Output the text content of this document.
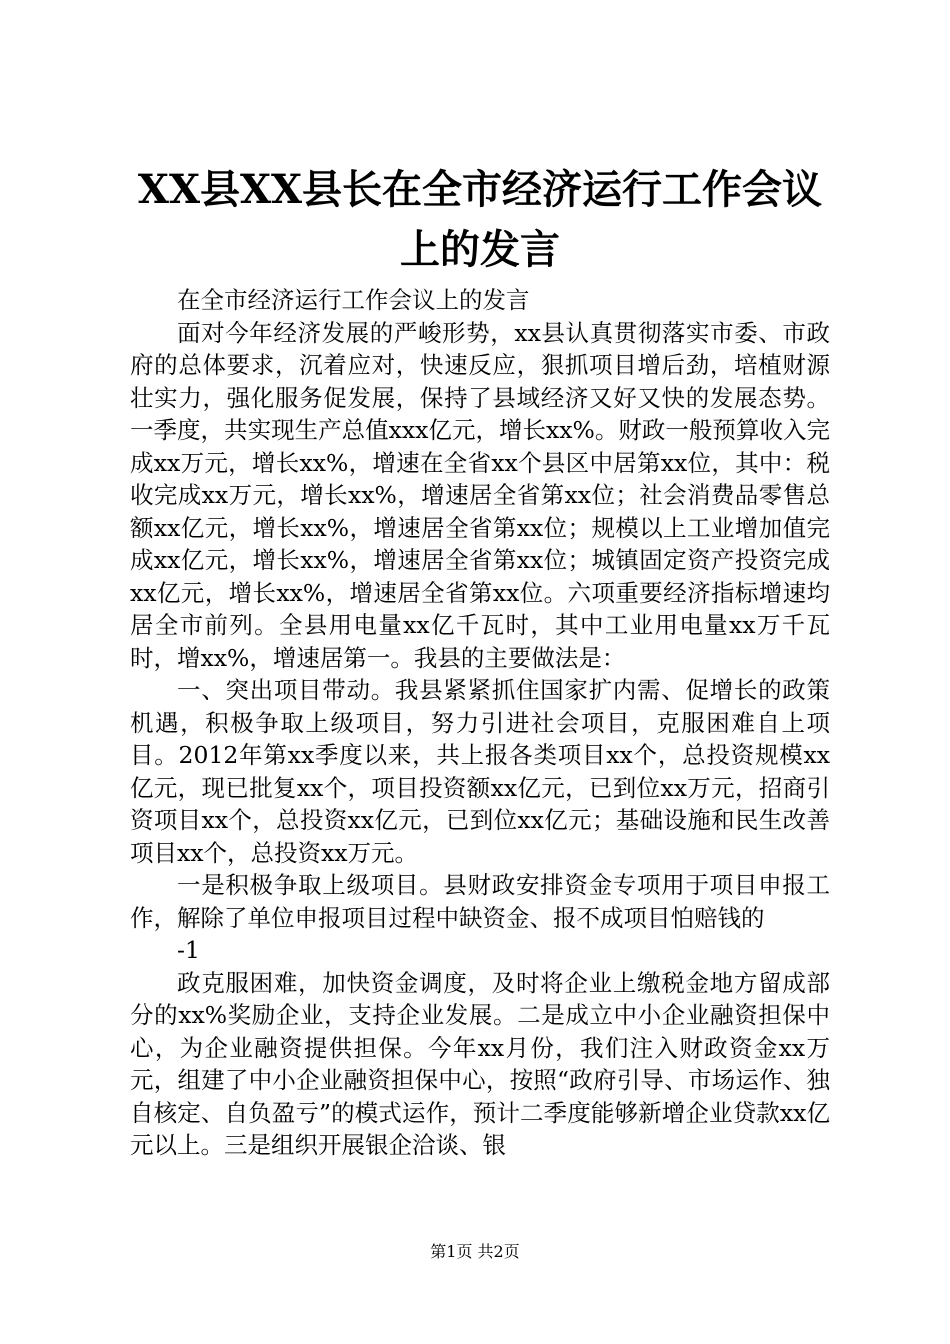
XX县XX县长在全市经济运行工作会议上的发言

在全市经济运行工作会议上的发言

面对今年经济发展的严峻形势，xx县认真贯彻落实市委、市政府的总体要求，沉着应对，快速反应，狠抓项目增后劲，培植财源壮实力，强化服务促发展，保持了县域经济又好又快的发展态势。一季度，共实现生产总值xxx亿元，增长xx%。财政一般预算收入完成xx万元，增长xx%，增速在全省xx个县区中居第xx位，其中：税收完成xx万元，增长xx%，增速居全省第xx位；社会消费品零售总额xx亿元，增长xx%，增速居全省第xx位；规模以上工业增加值完成xx亿元，增长xx%，增速居全省第xx位；城镇固定资产投资完成xx亿元，增长xx%，增速居全省第xx位。六项重要经济指标增速均居全市前列。全县用电量xx亿千瓦时，其中工业用电量xx万千瓦时，增xx%，增速居第一。我县的主要做法是：

一、突出项目带动。我县紧紧抓住国家扩内需、促增长的政策机遇，积极争取上级项目，努力引进社会项目，克服困难自上项目。2012年第xx季度以来，共上报各类项目xx个，总投资规模xx亿元，现已批复xx个，项目投资额xx亿元，已到位xx万元，招商引资项目xx个，总投资xx亿元，已到位xx亿元；基础设施和民生改善项目xx个，总投资xx万元。

一是积极争取上级项目。县财政安排资金专项用于项目申报工作，解除了单位申报项目过程中缺资金、报不成项目怕赔钱的

-1

政克服困难，加快资金调度，及时将企业上缴税金地方留成部分的xx%奖励企业，支持企业发展。二是成立中小企业融资担保中心，为企业融资提供担保。今年xx月份，我们注入财政资金xx万元，组建了中小企业融资担保中心，按照“政府引导、市场运作、独自核定、自负盈亏”的模式运作，预计二季度能够新增企业贷款xx亿元以上。三是组织开展银企洽谈、银

第1页 共2页
